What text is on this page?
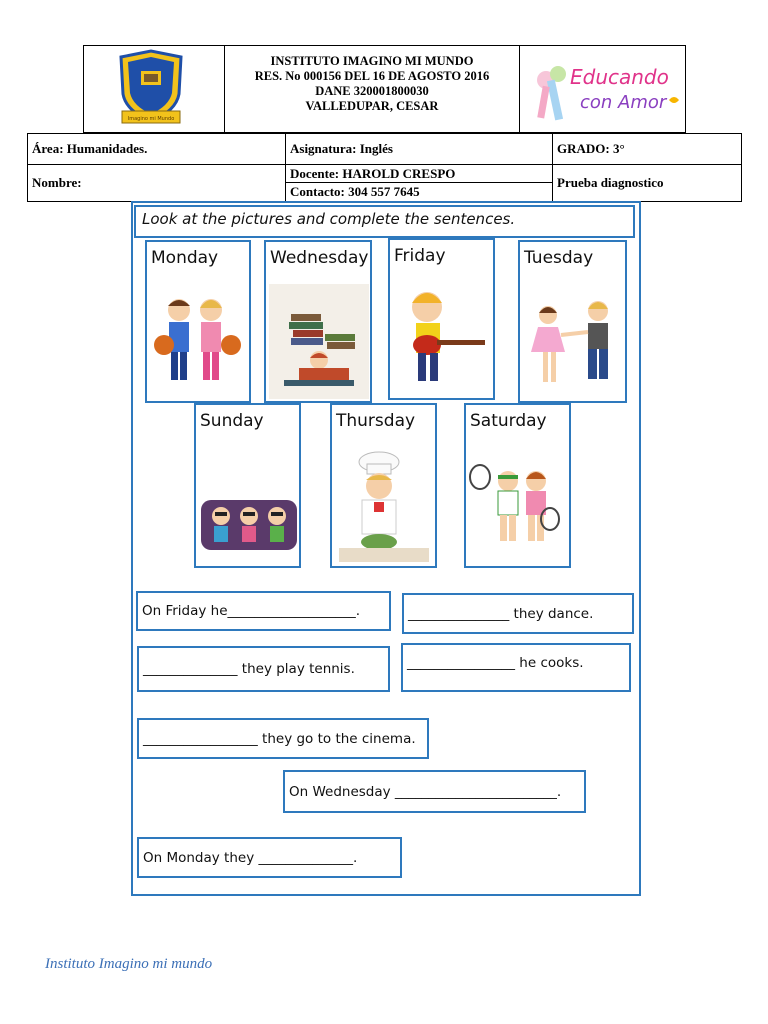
Imagino mi Mundo
INSTITUTO IMAGINO MI MUNDO
RES. No 000156 DEL 16 DE AGOSTO 2016
DANE 320001800030
VALLEDUPAR, CESAR
Educando
con Amor
Área: Humanidades.	Asignatura: Inglés	GRADO: 3°
Nombre:
Docente: HAROLD CRESPO
Contacto: 304 557 7645
Prueba diagnostico
Look at the pictures and complete the sentences.
Monday	Wednesday Friday	Tuesday
Sunday	Thursday	Saturday
On Friday he___________________.	_______________ they dance.
______________ they play tennis.	________________ he cooks.
_________________ they go to the cinema.
On Wednesday ________________________.
On Monday they ______________.
Instituto Imagino mi mundo
